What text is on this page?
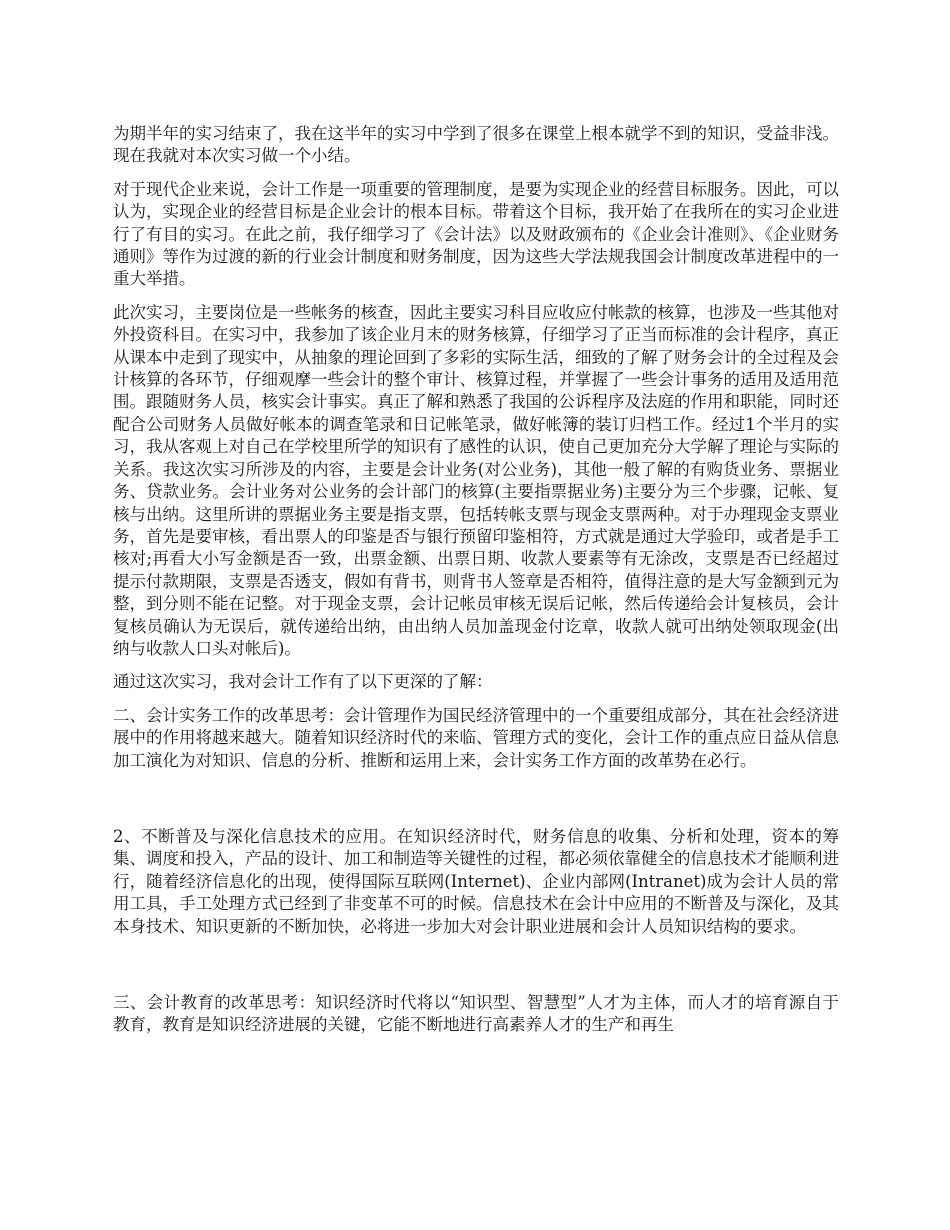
为期半年的实习结束了，我在这半年的实习中学到了很多在课堂上根本就学不到的知识，受益非浅。现在我就对本次实习做一个小结。

对于现代企业来说，会计工作是一项重要的管理制度，是要为实现企业的经营目标服务。因此，可以认为，实现企业的经营目标是企业会计的根本目标。带着这个目标，我开始了在我所在的实习企业进行了有目的实习。在此之前，我仔细学习了《会计法》以及财政颁布的《企业会计准则》、《企业财务通则》等作为过渡的新的行业会计制度和财务制度，因为这些大学法规我国会计制度改革进程中的一重大举措。

此次实习，主要岗位是一些帐务的核查，因此主要实习科目应收应付帐款的核算，也涉及一些其他对外投资科目。在实习中，我参加了该企业月末的财务核算，仔细学习了正当而标准的会计程序，真正从课本中走到了现实中，从抽象的理论回到了多彩的实际生活，细致的了解了财务会计的全过程及会计核算的各环节，仔细观摩一些会计的整个审计、核算过程，并掌握了一些会计事务的适用及适用范围。跟随财务人员，核实会计事实。真正了解和熟悉了我国的公诉程序及法庭的作用和职能，同时还配合公司财务人员做好帐本的调查笔录和日记帐笔录，做好帐簿的装订归档工作。经过1个半月的实习，我从客观上对自己在学校里所学的知识有了感性的认识，使自己更加充分大学解了理论与实际的关系。我这次实习所涉及的内容，主要是会计业务(对公业务)，其他一般了解的有购货业务、票据业务、贷款业务。会计业务对公业务的会计部门的核算(主要指票据业务)主要分为三个步骤，记帐、复核与出纳。这里所讲的票据业务主要是指支票，包括转帐支票与现金支票两种。对于办理现金支票业务，首先是要审核，看出票人的印鉴是否与银行预留印鉴相符，方式就是通过大学验印，或者是手工核对;再看大小写金额是否一致，出票金额、出票日期、收款人要素等有无涂改，支票是否已经超过提示付款期限，支票是否透支，假如有背书，则背书人签章是否相符，值得注意的是大写金额到元为整，到分则不能在记整。对于现金支票，会计记帐员审核无误后记帐，然后传递给会计复核员，会计复核员确认为无误后，就传递给出纳，由出纳人员加盖现金付讫章，收款人就可出纳处领取现金(出纳与收款人口头对帐后)。

通过这次实习，我对会计工作有了以下更深的了解：

二、会计实务工作的改革思考：会计管理作为国民经济管理中的一个重要组成部分，其在社会经济进展中的作用将越来越大。随着知识经济时代的来临、管理方式的变化，会计工作的重点应日益从信息加工演化为对知识、信息的分析、推断和运用上来，会计实务工作方面的改革势在必行。

2、不断普及与深化信息技术的应用。在知识经济时代，财务信息的收集、分析和处理，资本的筹集、调度和投入，产品的设计、加工和制造等关键性的过程，都必须依靠健全的信息技术才能顺利进行，随着经济信息化的出现，使得国际互联网(Internet)、企业内部网(Intranet)成为会计人员的常用工具，手工处理方式已经到了非变革不可的时候。信息技术在会计中应用的不断普及与深化，及其本身技术、知识更新的不断加快，必将进一步加大对会计职业进展和会计人员知识结构的要求。

三、会计教育的改革思考：知识经济时代将以“知识型、智慧型”人才为主体，而人才的培育源自于教育，教育是知识经济进展的关键，它能不断地进行高素养人才的生产和再生
